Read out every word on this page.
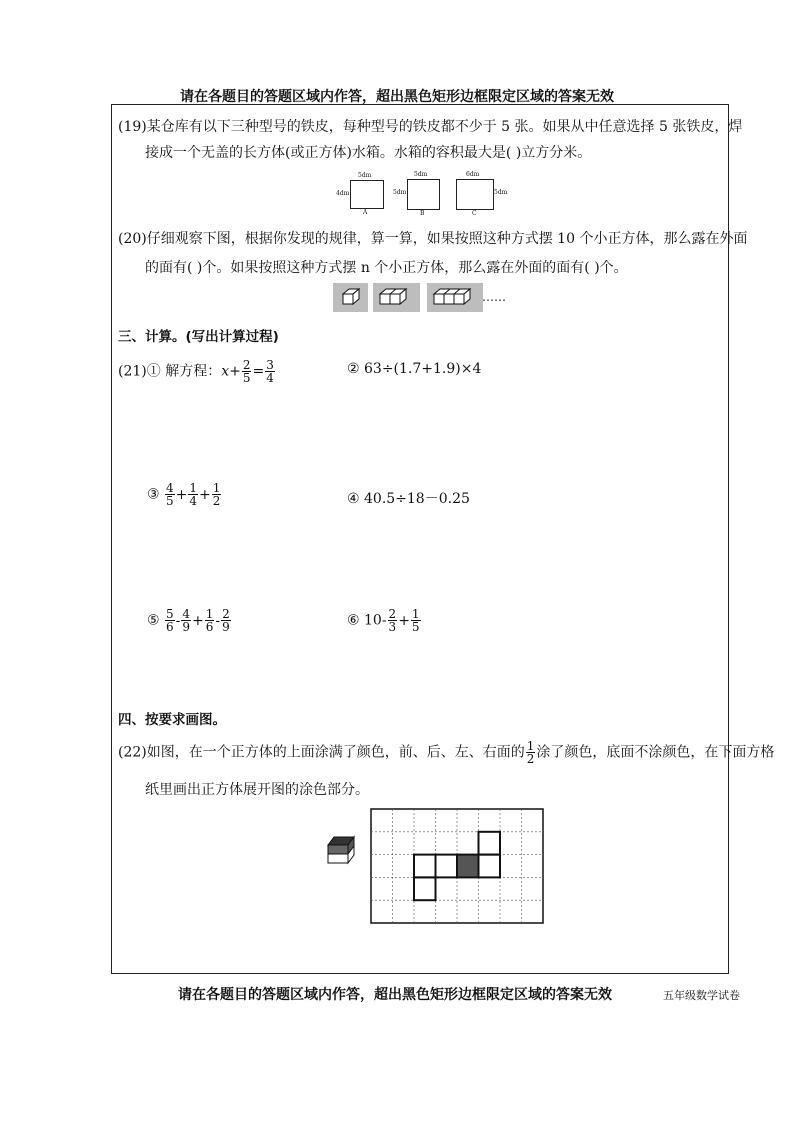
请在各题目的答题区域内作答，超出黑色矩形边框限定区域的答案无效
(19)某仓库有以下三种型号的铁皮，每种型号的铁皮都不少于 5 张。如果从中任意选择 5 张铁皮，焊
接成一个无盖的长方体(或正方体)水箱。水箱的容积最大是( )立方分米。
5dm
4dm
A
5dm
5dm
B
6dm
5dm
C
(20)仔细观察下图，根据你发现的规律，算一算，如果按照这种方式摆 10 个小正方体，那么露在外面
的面有( )个。如果按照这种方式摆 n 个小正方体，那么露在外面的面有( )个。
……
三、计算。(写出计算过程)
(21)① 解方程：$x+ \frac{2}{5} = \frac{3}{4}$	② 63÷(1.7+1.9)×4
③ $\frac{4}{5} + \frac{1}{4} + \frac{1}{2}$	④ 40.5÷18－0.25
⑤ $\frac{5}{6} - \frac{4}{9} + \frac{1}{6} - \frac{2}{9}$	⑥ $10- \frac{2}{3} + \frac{1}{5}$
四、按要求画图。
(22)如图，在一个正方体的上面涂满了颜色，前、后、左、右面的 $\frac{1}{2}$ 涂了颜色，底面不涂颜色，在下面方格
纸里画出正方体展开图的涂色部分。
请在各题目的答题区域内作答，超出黑色矩形边框限定区域的答案无效	五年级数学试卷
